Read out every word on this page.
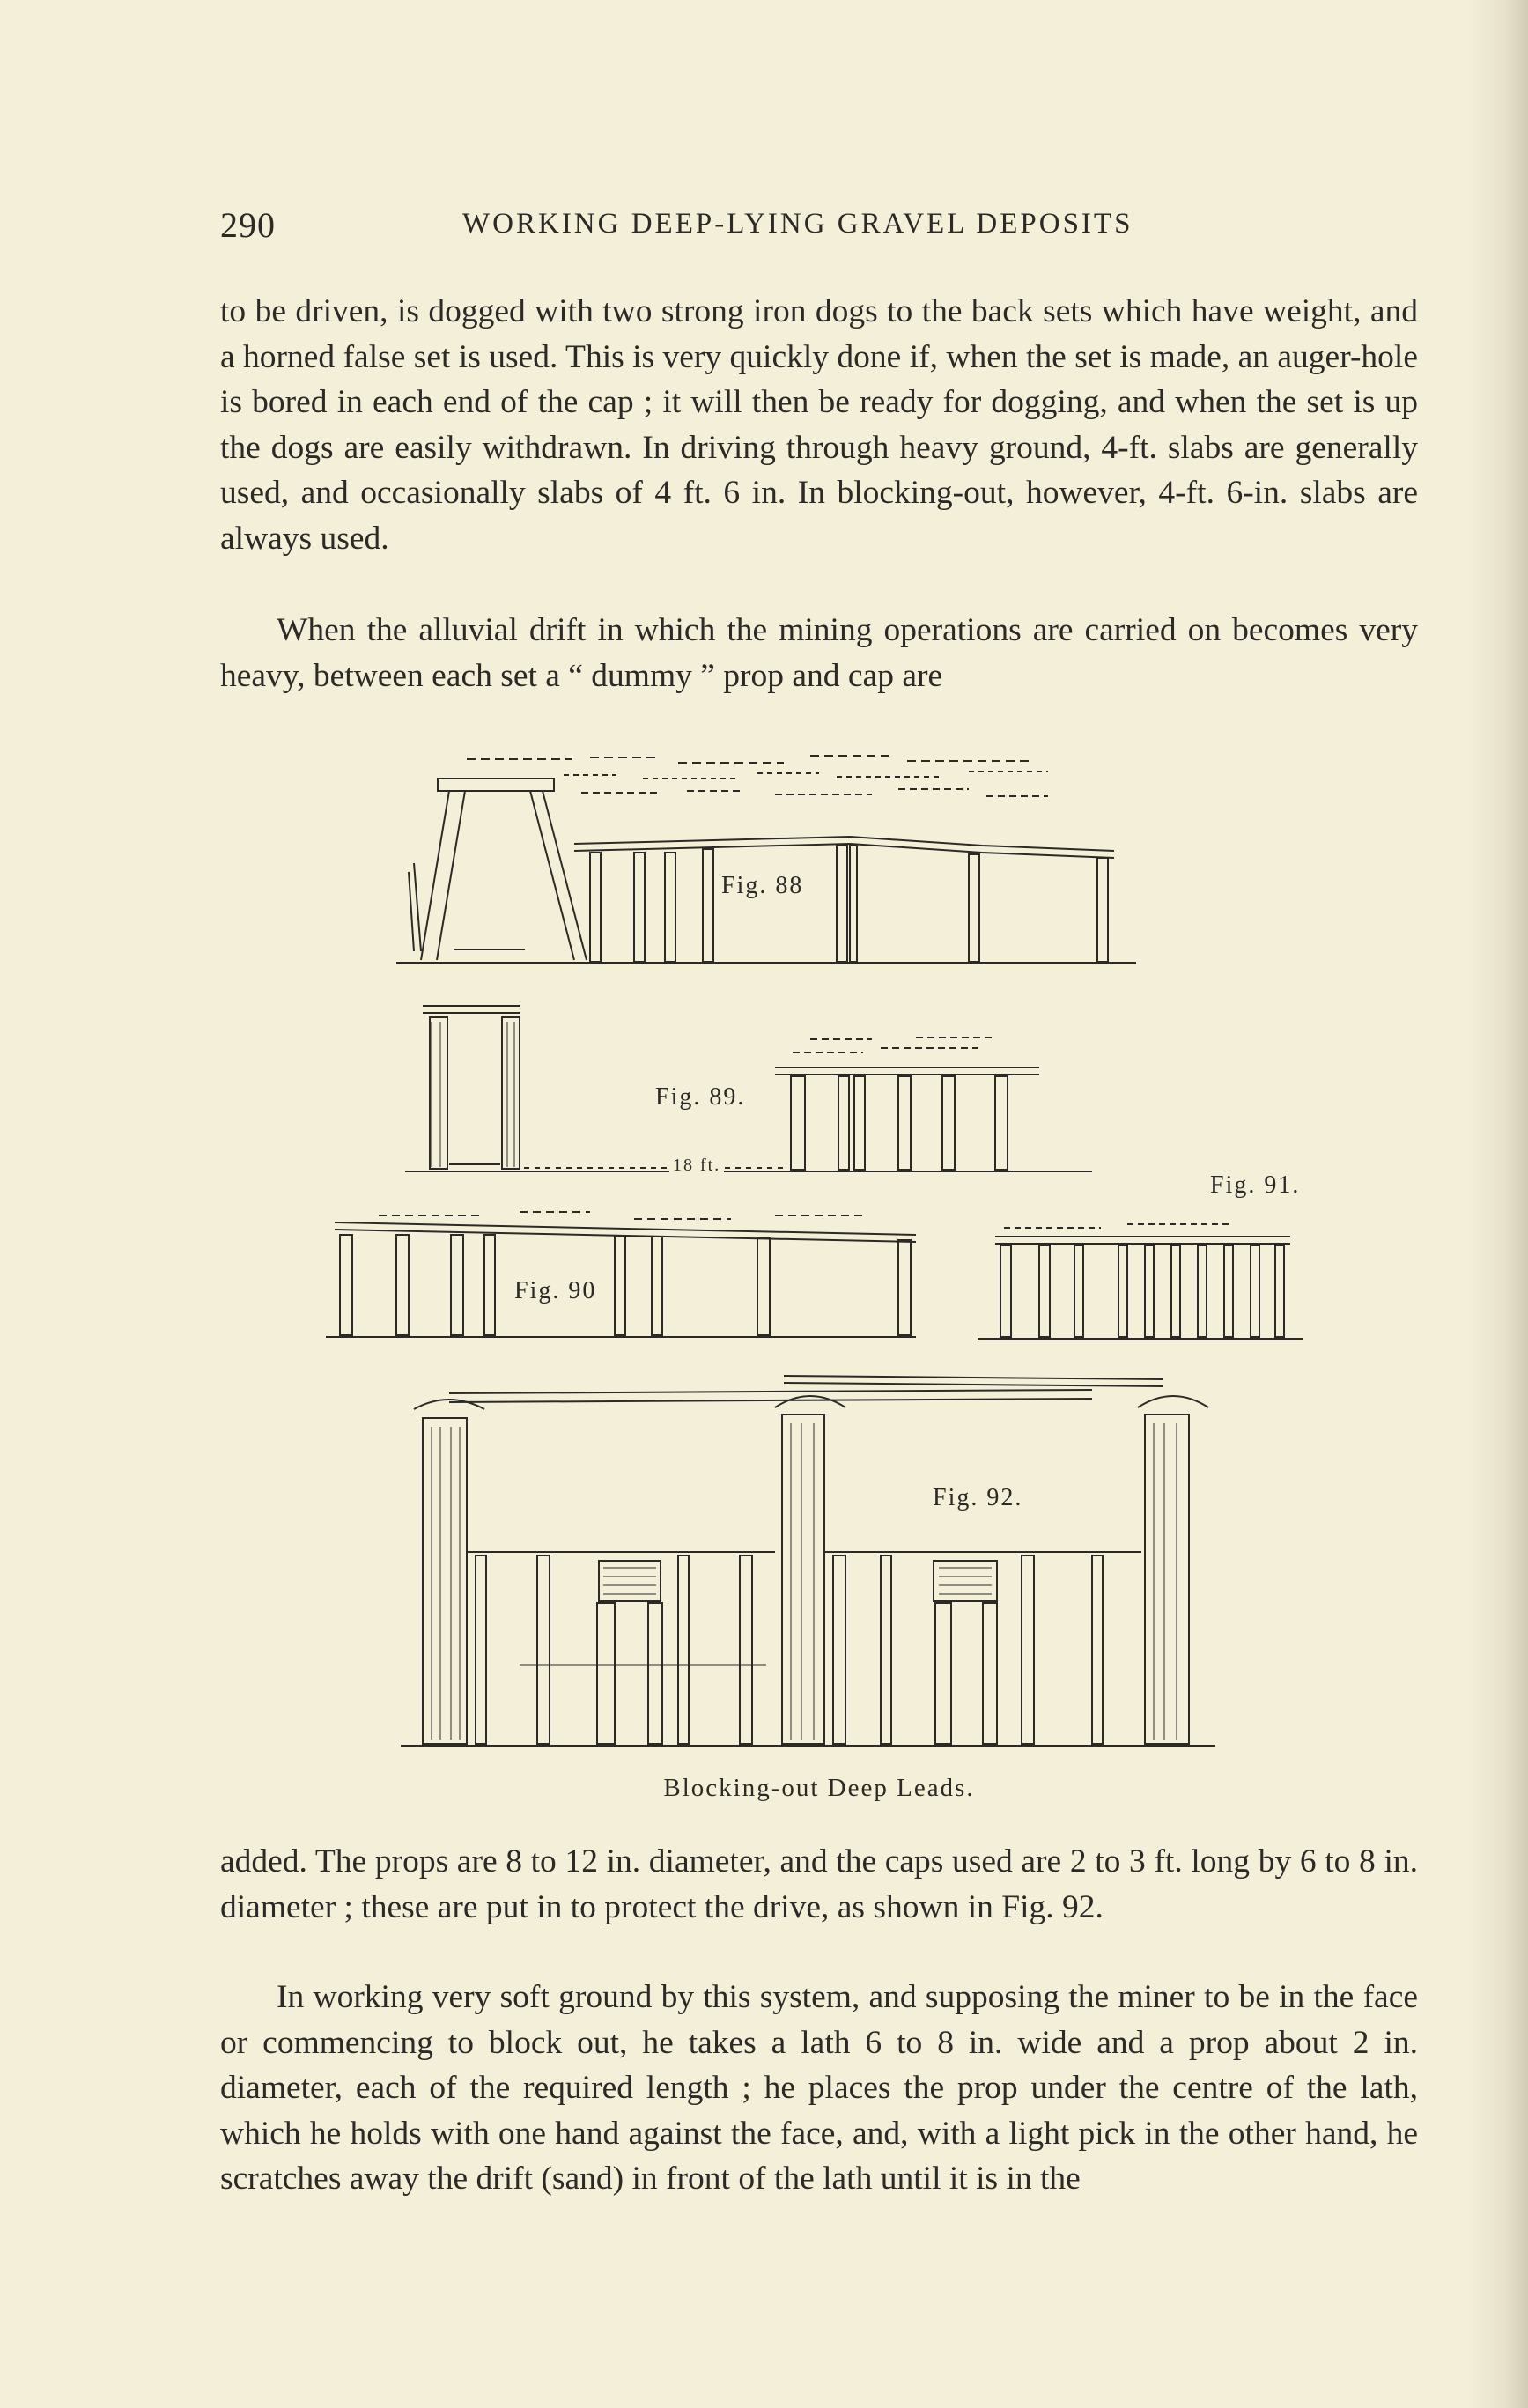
290	WORKING DEEP-LYING GRAVEL DEPOSITS

to be driven, is dogged with two strong iron dogs to the back sets which have weight, and a horned false set is used. This is very quickly done if, when the set is made, an auger-hole is bored in each end of the cap ; it will then be ready for dogging, and when the set is up the dogs are easily withdrawn. In driving through heavy ground, 4-ft. slabs are generally used, and occasionally slabs of 4 ft. 6 in. In blocking-out, however, 4-ft. 6-in. slabs are always used.

When the alluvial drift in which the mining operations are carried on becomes very heavy, between each set a “ dummy ” prop and cap are

Fig. 88
Fig. 89.
18 ft.
Fig. 90
Fig. 91.
Fig. 92.
Blocking-out Deep Leads.

added. The props are 8 to 12 in. diameter, and the caps used are 2 to 3 ft. long by 6 to 8 in. diameter ; these are put in to protect the drive, as shown in Fig. 92.

In working very soft ground by this system, and supposing the miner to be in the face or commencing to block out, he takes a lath 6 to 8 in. wide and a prop about 2 in. diameter, each of the required length ; he places the prop under the centre of the lath, which he holds with one hand against the face, and, with a light pick in the other hand, he scratches away the drift (sand) in front of the lath until it is in the
